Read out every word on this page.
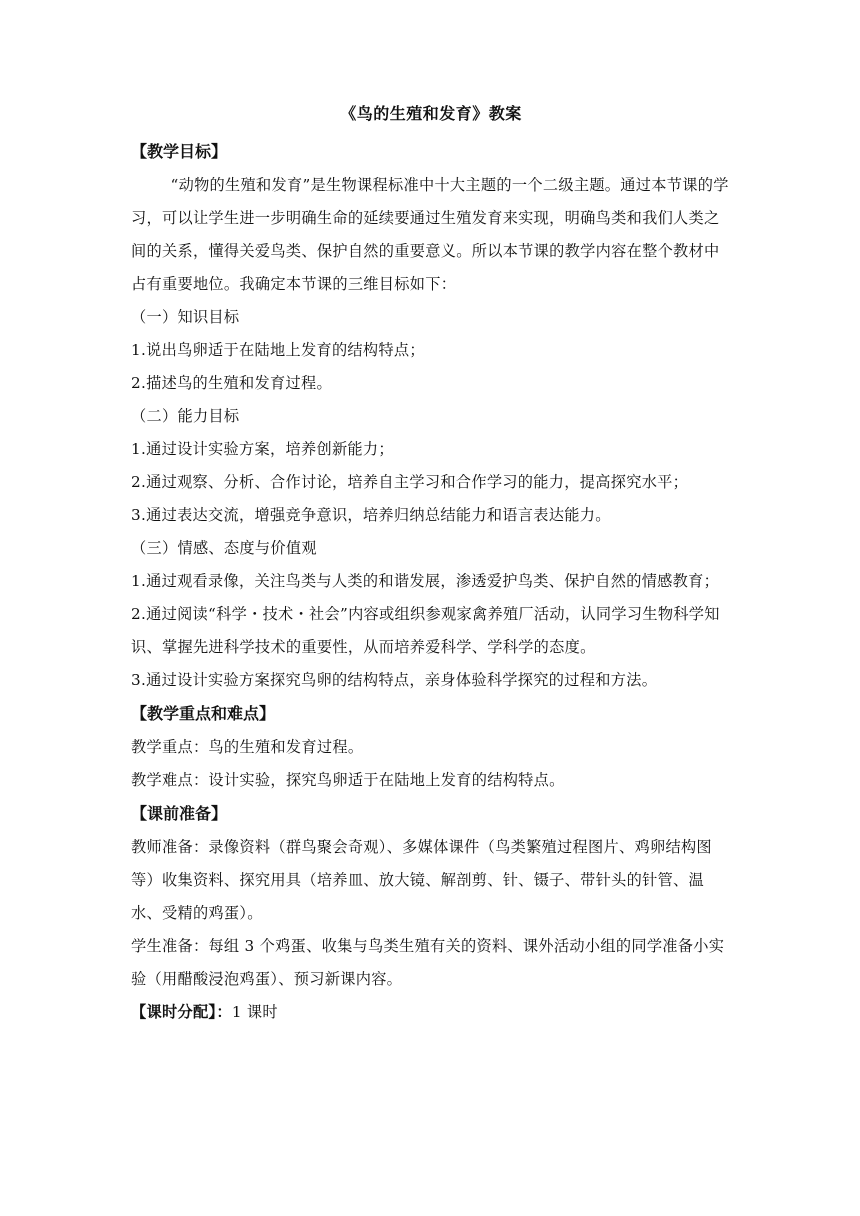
《鸟的生殖和发育》教案
【教学目标】

“动物的生殖和发育”是生物课程标准中十大主题的一个二级主题。通过本节课的学习，可以让学生进一步明确生命的延续要通过生殖发育来实现，明确鸟类和我们人类之间的关系，懂得关爱鸟类、保护自然的重要意义。所以本节课的教学内容在整个教材中占有重要地位。我确定本节课的三维目标如下：

（一）知识目标

1.说出鸟卵适于在陆地上发育的结构特点；

2.描述鸟的生殖和发育过程。

（二）能力目标

1.通过设计实验方案，培养创新能力；

2.通过观察、分析、合作讨论，培养自主学习和合作学习的能力，提高探究水平；

3.通过表达交流，增强竞争意识，培养归纳总结能力和语言表达能力。

（三）情感、态度与价值观

1.通过观看录像，关注鸟类与人类的和谐发展，渗透爱护鸟类、保护自然的情感教育；

2.通过阅读“科学・技术・社会”内容或组织参观家禽养殖厂活动，认同学习生物科学知识、掌握先进科学技术的重要性，从而培养爱科学、学科学的态度。

3.通过设计实验方案探究鸟卵的结构特点，亲身体验科学探究的过程和方法。

【教学重点和难点】

教学重点：鸟的生殖和发育过程。

教学难点：设计实验，探究鸟卵适于在陆地上发育的结构特点。

【课前准备】

教师准备：录像资料（群鸟聚会奇观）、多媒体课件（鸟类繁殖过程图片、鸡卵结构图等）收集资料、探究用具（培养皿、放大镜、解剖剪、针、镊子、带针头的针管、温水、受精的鸡蛋）。

学生准备：每组 3 个鸡蛋、收集与鸟类生殖有关的资料、课外活动小组的同学准备小实验（用醋酸浸泡鸡蛋）、预习新课内容。

【课时分配】：1 课时
